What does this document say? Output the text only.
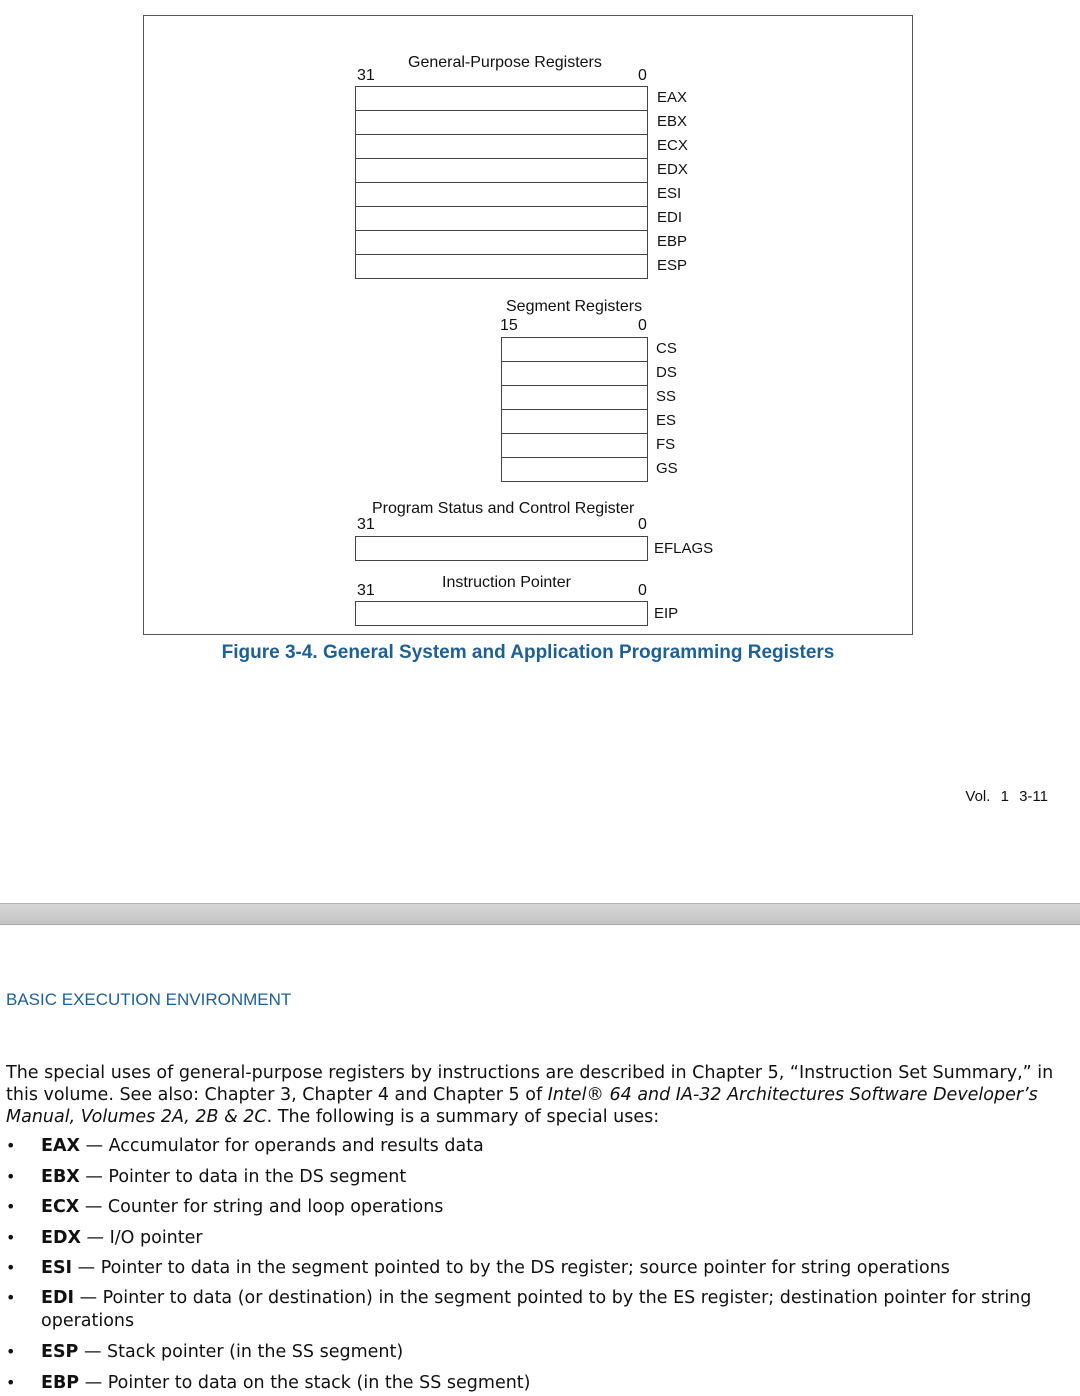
General-Purpose Registers
31	0
EAX
EBX
ECX
EDX
ESI
EDI
EBP
ESP
Segment Registers
15	0
CS
DS
SS
ES
FS
GS
Program Status and Control Register
31	0
EFLAGS
Instruction Pointer
31	0
EIP
Figure 3-4. General System and Application Programming Registers
Vol. 1 3-11
BASIC EXECUTION ENVIRONMENT
The special uses of general-purpose registers by instructions are described in Chapter 5, “Instruction Set Summary,” in this volume. See also: Chapter 3, Chapter 4 and Chapter 5 of Intel® 64 and IA-32 Architectures Software Developer’s Manual, Volumes 2A, 2B & 2C. The following is a summary of special uses:
• EAX — Accumulator for operands and results data
• EBX — Pointer to data in the DS segment
• ECX — Counter for string and loop operations
• EDX — I/O pointer
• ESI — Pointer to data in the segment pointed to by the DS register; source pointer for string operations
• EDI — Pointer to data (or destination) in the segment pointed to by the ES register; destination pointer for string operations
• ESP — Stack pointer (in the SS segment)
• EBP — Pointer to data on the stack (in the SS segment)
